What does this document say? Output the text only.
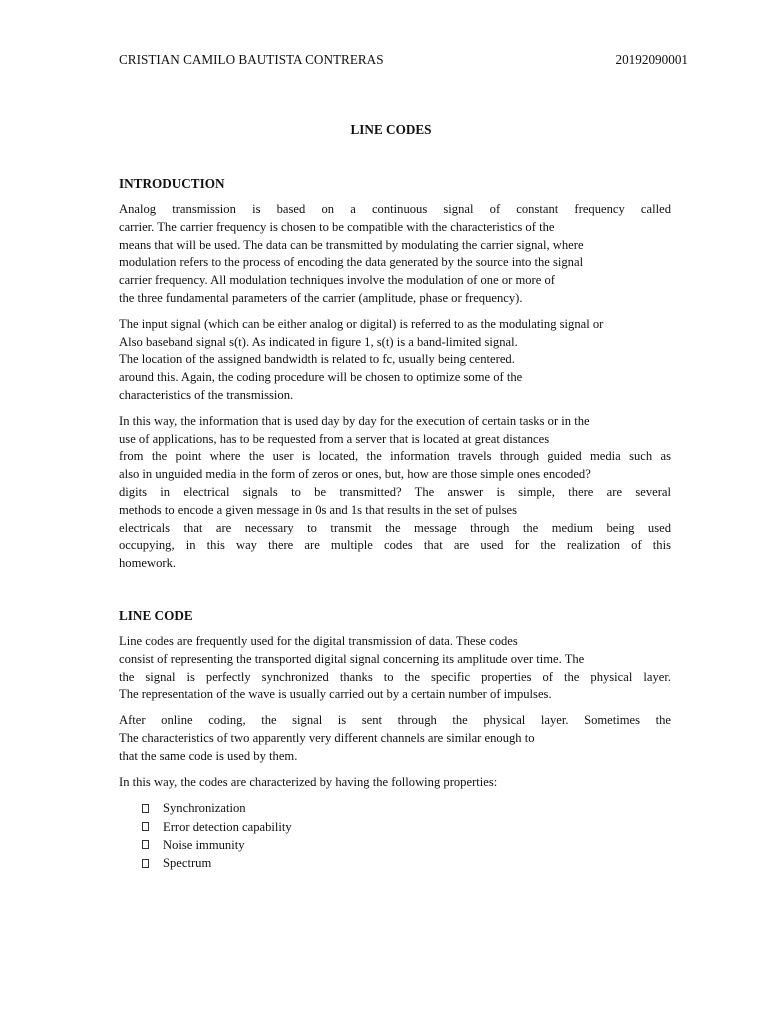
CRISTIAN CAMILO BAUTISTA CONTRERAS	20192090001
LINE CODES
INTRODUCTION
Analog transmission is based on a continuous signal of constant frequency called
carrier. The carrier frequency is chosen to be compatible with the characteristics of the
means that will be used. The data can be transmitted by modulating the carrier signal, where
modulation refers to the process of encoding the data generated by the source into the signal
carrier frequency. All modulation techniques involve the modulation of one or more of
the three fundamental parameters of the carrier (amplitude, phase or frequency).
The input signal (which can be either analog or digital) is referred to as the modulating signal or
Also baseband signal s(t). As indicated in figure 1, s(t) is a band-limited signal.
The location of the assigned bandwidth is related to fc, usually being centered.
around this. Again, the coding procedure will be chosen to optimize some of the
characteristics of the transmission.
In this way, the information that is used day by day for the execution of certain tasks or in the
use of applications, has to be requested from a server that is located at great distances
from the point where the user is located, the information travels through guided media such as
also in unguided media in the form of zeros or ones, but, how are those simple ones encoded?
digits in electrical signals to be transmitted? The answer is simple, there are several
methods to encode a given message in 0s and 1s that results in the set of pulses
electricals that are necessary to transmit the message through the medium being used
occupying, in this way there are multiple codes that are used for the realization of this
homework.
LINE CODE
Line codes are frequently used for the digital transmission of data. These codes
consist of representing the transported digital signal concerning its amplitude over time. The
the signal is perfectly synchronized thanks to the specific properties of the physical layer.
The representation of the wave is usually carried out by a certain number of impulses.
After online coding, the signal is sent through the physical layer. Sometimes the
The characteristics of two apparently very different channels are similar enough to
that the same code is used by them.
In this way, the codes are characterized by having the following properties:
Synchronization
Error detection capability
Noise immunity
Spectrum
